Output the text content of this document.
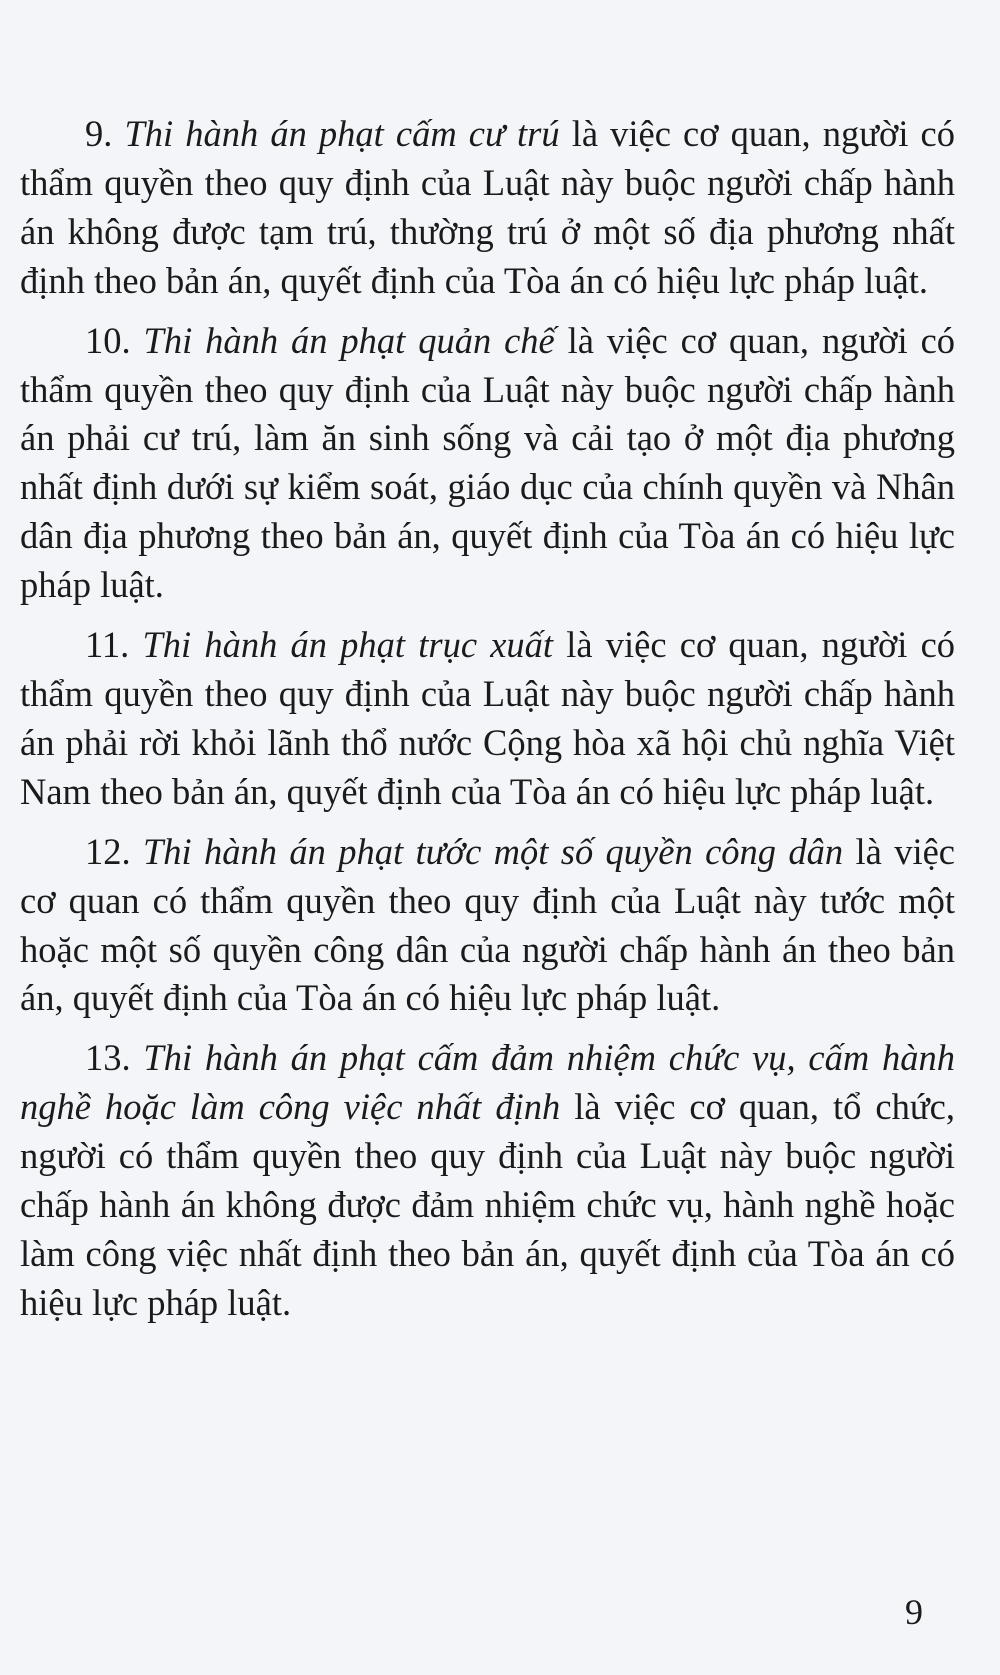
9. Thi hành án phạt cấm cư trú là việc cơ quan, người có thẩm quyền theo quy định của Luật này buộc người chấp hành án không được tạm trú, thường trú ở một số địa phương nhất định theo bản án, quyết định của Tòa án có hiệu lực pháp luật.

10. Thi hành án phạt quản chế là việc cơ quan, người có thẩm quyền theo quy định của Luật này buộc người chấp hành án phải cư trú, làm ăn sinh sống và cải tạo ở một địa phương nhất định dưới sự kiểm soát, giáo dục của chính quyền và Nhân dân địa phương theo bản án, quyết định của Tòa án có hiệu lực pháp luật.

11. Thi hành án phạt trục xuất là việc cơ quan, người có thẩm quyền theo quy định của Luật này buộc người chấp hành án phải rời khỏi lãnh thổ nước Cộng hòa xã hội chủ nghĩa Việt Nam theo bản án, quyết định của Tòa án có hiệu lực pháp luật.

12. Thi hành án phạt tước một số quyền công dân là việc cơ quan có thẩm quyền theo quy định của Luật này tước một hoặc một số quyền công dân của người chấp hành án theo bản án, quyết định của Tòa án có hiệu lực pháp luật.

13. Thi hành án phạt cấm đảm nhiệm chức vụ, cấm hành nghề hoặc làm công việc nhất định là việc cơ quan, tổ chức, người có thẩm quyền theo quy định của Luật này buộc người chấp hành án không được đảm nhiệm chức vụ, hành nghề hoặc làm công việc nhất định theo bản án, quyết định của Tòa án có hiệu lực pháp luật.

9
